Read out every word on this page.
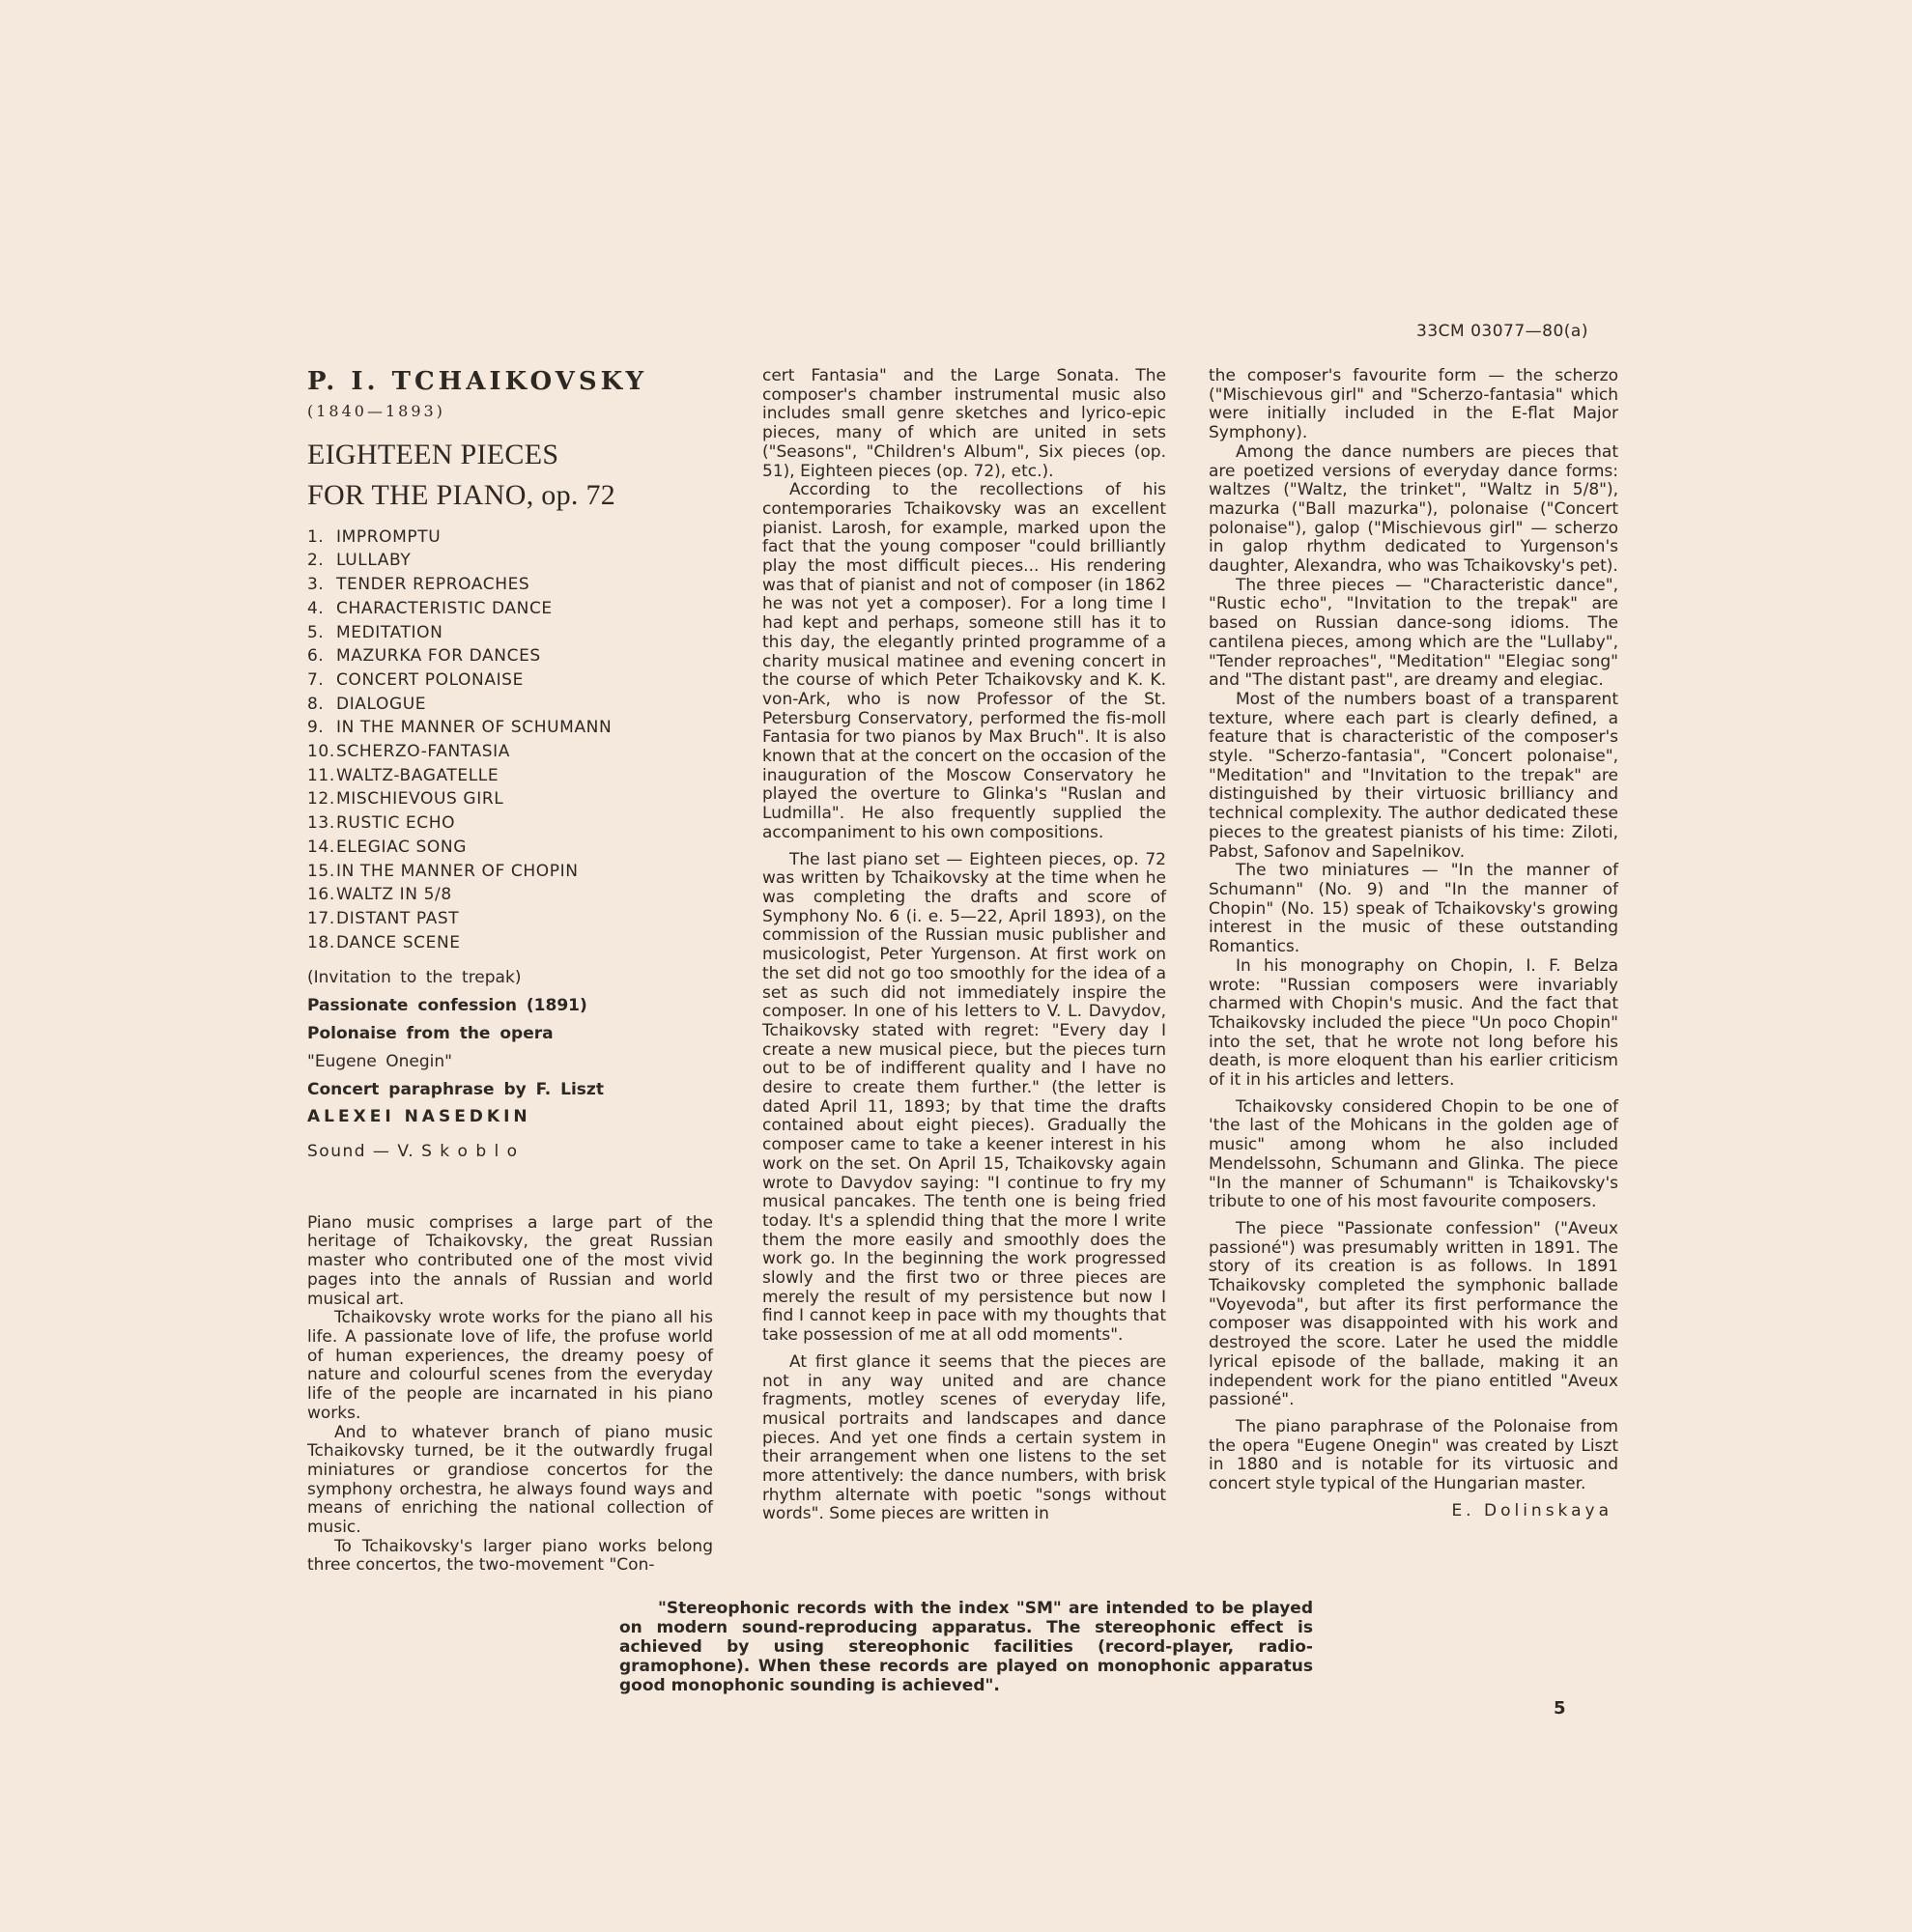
33СМ 03077—80(a)
P. I. TCHAIKOVSKY
(1840—1893)
EIGHTEEN PIECES
FOR THE PIANO, op. 72
1. IMPROMPTU
2. LULLABY
3. TENDER REPROACHES
4. CHARACTERISTIC DANCE
5. MEDITATION
6. MAZURKA FOR DANCES
7. CONCERT POLONAISE
8. DIALOGUE
9. IN THE MANNER OF SCHUMANN
10.SCHERZO-FANTASIA
11.WALTZ-BAGATELLE
12.MISCHIEVOUS GIRL
13.RUSTIC ECHO
14.ELEGIAC SONG
15.IN THE MANNER OF CHOPIN
16.WALTZ IN 5/8
17.DISTANT PAST
18.DANCE SCENE
(Invitation to the trepak)
Passionate confession (1891)
Polonaise from the opera
"Eugene Onegin"
Concert paraphrase by F. Liszt
ALEXEI NASEDKIN
Sound — V. S k o b l o

Piano music comprises a large part of the heritage of Tchaikovsky, the great Russian master who contributed one of the most vivid pages into the annals of Russian and world musical art.

Tchaikovsky wrote works for the piano all his life. A passionate love of life, the profuse world of human experiences, the dreamy poesy of nature and colourful scenes from the everyday life of the people are incarnated in his piano works.

And to whatever branch of piano music Tchaikovsky turned, be it the outwardly frugal miniatures or grandiose concertos for the symphony orchestra, he always found ways and means of enriching the national collection of music.

To Tchaikovsky's larger piano works belong three concertos, the two-movement "Con-

cert Fantasia" and the Large Sonata. The composer's chamber instrumental music also includes small genre sketches and lyrico-epic pieces, many of which are united in sets ("Seasons", "Children's Album", Six pieces (op. 51), Eighteen pieces (op. 72), etc.).

According to the recollections of his contemporaries Tchaikovsky was an excellent pianist. Larosh, for example, marked upon the fact that the young composer "could brilliantly play the most difficult pieces... His rendering was that of pianist and not of composer (in 1862 he was not yet a composer). For a long time I had kept and perhaps, someone still has it to this day, the elegantly printed programme of a charity musical matinee and evening concert in the course of which Peter Tchaikovsky and K. K. von-Ark, who is now Professor of the St. Petersburg Conservatory, performed the fis-moll Fantasia for two pianos by Max Bruch". It is also known that at the concert on the occasion of the inauguration of the Moscow Conservatory he played the overture to Glinka's "Ruslan and Ludmilla". He also frequently supplied the accompaniment to his own compositions.

The last piano set — Eighteen pieces, op. 72 was written by Tchaikovsky at the time when he was completing the drafts and score of Symphony No. 6 (i. e. 5—22, April 1893), on the commission of the Russian music publisher and musicologist, Peter Yurgenson. At first work on the set did not go too smoothly for the idea of a set as such did not immediately inspire the composer. In one of his letters to V. L. Davydov, Tchaikovsky stated with regret: "Every day I create a new musical piece, but the pieces turn out to be of indifferent quality and I have no desire to create them further." (the letter is dated April 11, 1893; by that time the drafts contained about eight pieces). Gradually the composer came to take a keener interest in his work on the set. On April 15, Tchaikovsky again wrote to Davydov saying: "I continue to fry my musical pancakes. The tenth one is being fried today. It's a splendid thing that the more I write them the more easily and smoothly does the work go. In the beginning the work progressed slowly and the first two or three pieces are merely the result of my persistence but now I find I cannot keep in pace with my thoughts that take possession of me at all odd moments".

At first glance it seems that the pieces are not in any way united and are chance fragments, motley scenes of everyday life, musical portraits and landscapes and dance pieces. And yet one finds a certain system in their arrangement when one listens to the set more attentively: the dance numbers, with brisk rhythm alternate with poetic "songs without words". Some pieces are written in

the composer's favourite form — the scherzo ("Mischievous girl" and "Scherzo-fantasia" which were initially included in the E-flat Major Symphony).

Among the dance numbers are pieces that are poetized versions of everyday dance forms: waltzes ("Waltz, the trinket", "Waltz in 5/8"), mazurka ("Ball mazurka"), polonaise ("Concert polonaise"), galop ("Mischievous girl" — scherzo in galop rhythm dedicated to Yurgenson's daughter, Alexandra, who was Tchaikovsky's pet).

The three pieces — "Characteristic dance", "Rustic echo", "Invitation to the trepak" are based on Russian dance-song idioms. The cantilena pieces, among which are the "Lullaby", "Tender reproaches", "Meditation" "Elegiac song" and "The distant past", are dreamy and elegiac.

Most of the numbers boast of a transparent texture, where each part is clearly defined, a feature that is characteristic of the composer's style. "Scherzo-fantasia", "Concert polonaise", "Meditation" and "Invitation to the trepak" are distinguished by their virtuosic brilliancy and technical complexity. The author dedicated these pieces to the greatest pianists of his time: Ziloti, Pabst, Safonov and Sapelnikov.

The two miniatures — "In the manner of Schumann" (No. 9) and "In the manner of Chopin" (No. 15) speak of Tchaikovsky's growing interest in the music of these outstanding Romantics.

In his monography on Chopin, I. F. Belza wrote: "Russian composers were invariably charmed with Chopin's music. And the fact that Tchaikovsky included the piece "Un poco Chopin" into the set, that he wrote not long before his death, is more eloquent than his earlier criticism of it in his articles and letters.

Tchaikovsky considered Chopin to be one of 'the last of the Mohicans in the golden age of music" among whom he also included Mendelssohn, Schumann and Glinka. The piece "In the manner of Schumann" is Tchaikovsky's tribute to one of his most favourite composers.

The piece "Passionate confession" ("Aveux passioné") was presumably written in 1891. The story of its creation is as follows. In 1891 Tchaikovsky completed the symphonic ballade "Voyevoda", but after its first performance the composer was disappointed with his work and destroyed the score. Later he used the middle lyrical episode of the ballade, making it an independent work for the piano entitled "Aveux passioné".

The piano paraphrase of the Polonaise from the opera "Eugene Onegin" was created by Liszt in 1880 and is notable for its virtuosic and concert style typical of the Hungarian master.

E. Dolinskaya
"Stereophonic records with the index "SM" are intended to be played on modern sound-reproducing apparatus. The stereophonic effect is achieved by using stereophonic facilities (record-player, radio-gramophone). When these records are played on monophonic apparatus good monophonic sounding is achieved".
5
